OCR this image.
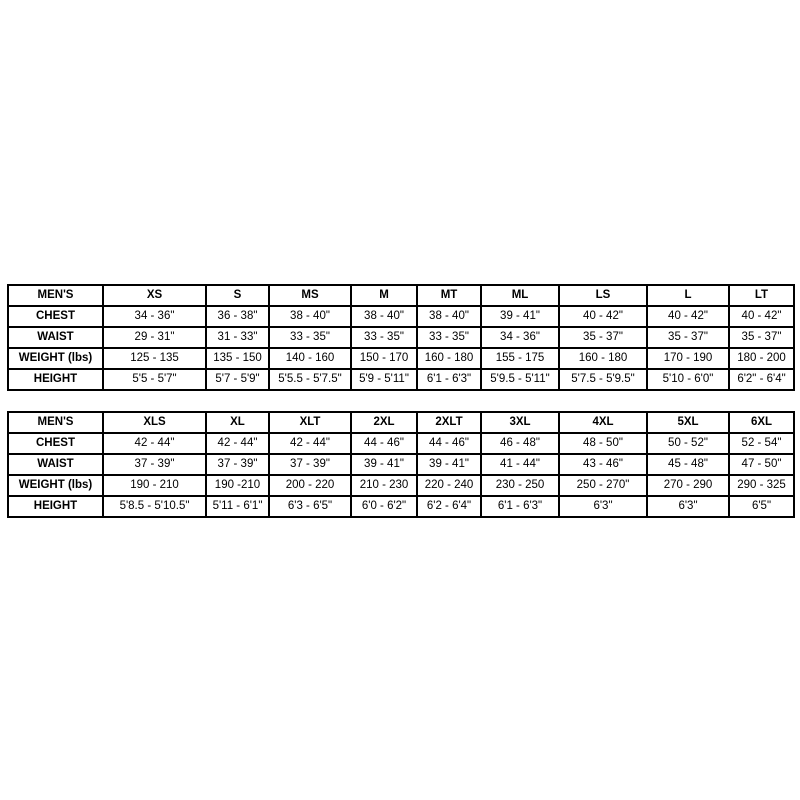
MEN'S	XS	S	MS	M	MT	ML	LS	L	LT
CHEST	34 - 36"	36 - 38"	38 - 40"	38 - 40"	38 - 40"	39 - 41"	40 - 42"	40 - 42"	40 - 42"
WAIST	29 - 31"	31 - 33"	33 - 35"	33 - 35"	33 - 35"	34 - 36"	35 - 37"	35 - 37"	35 - 37"
WEIGHT (lbs)	125 - 135	135 - 150	140 - 160	150 - 170	160 - 180	155 - 175	160 - 180	170 - 190	180 - 200
HEIGHT	5'5 - 5'7"	5'7 - 5'9"	5'5.5 - 5'7.5"	5'9 - 5'11"	6'1 - 6'3"	5'9.5 - 5'11"	5'7.5 - 5'9.5"	5'10 - 6'0"	6'2" - 6'4"
MEN'S	XLS	XL	XLT	2XL	2XLT	3XL	4XL	5XL	6XL
CHEST	42 - 44"	42 - 44"	42 - 44"	44 - 46"	44 - 46"	46 - 48"	48 - 50"	50 - 52"	52 - 54"
WAIST	37 - 39"	37 - 39"	37 - 39"	39 - 41"	39 - 41"	41 - 44"	43 - 46"	45 - 48"	47 - 50"
WEIGHT (lbs)	190 - 210	190 -210	200 - 220	210 - 230	220 - 240	230 - 250	250 - 270"	270 - 290	290 - 325
HEIGHT	5'8.5 - 5'10.5"	5'11 - 6'1"	6'3 - 6'5"	6'0 - 6'2"	6'2 - 6'4"	6'1 - 6'3"	6'3"	6'3"	6'5"
